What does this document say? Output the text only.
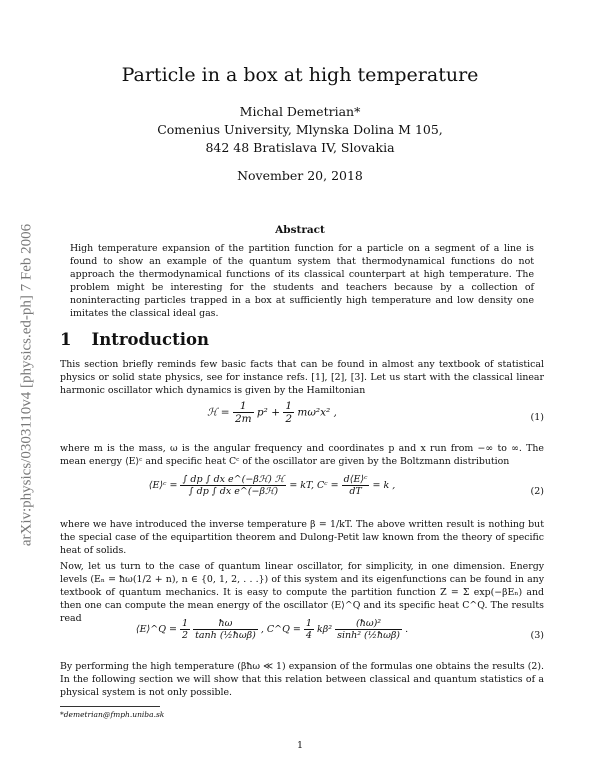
arXiv:physics/0303110v4 [physics.ed-ph] 7 Feb 2006
Particle in a box at high temperature
Michal Demetrian*
Comenius University, Mlynska Dolina M 105,
842 48 Bratislava IV, Slovakia
November 20, 2018
Abstract
High temperature expansion of the partition function for a particle on a segment of a line is found to show an example of the quantum system that thermodynamical functions do not approach the thermodynamical functions of its classical counterpart at high temperature. The problem might be interesting for the students and teachers because by a collection of noninteracting particles trapped in a box at sufficiently high temperature and low density one imitates the classical ideal gas.
1 Introduction
This section briefly reminds few basic facts that can be found in almost any textbook of statistical physics or solid state physics, see for instance refs. [1], [2], [3]. Let us start with the classical linear harmonic oscillator which dynamics is given by the Hamiltonian
ℋ = $\frac{1}{2m} p^2 + \frac{1}{2} m\omega^2x^2$ ,	(1)
where m is the mass, ω is the angular frequency and coordinates p and x run from −∞ to ∞. The mean energy ⟨E⟩ᶜ and specific heat Cᶜ of the oscillator are given by the Boltzmann distribution
⟨E⟩ᶜ = $\frac{\text{∫ dp ∫ dx e\textasciicircum{}(−βℋ) ℋ}}{\text{∫ dp ∫ dx e\textasciicircum{}(−βℋ)}}$ = kT, Cᶜ = $\frac{\text{d⟨E⟩ᶜ}}{dT} = k$ ,
(2)
where we have introduced the inverse temperature β = 1/kT. The above written result is nothing but the special case of the equipartition theorem and Dulong-Petit law known from the theory of specific heat of solids.
Now, let us turn to the case of quantum linear oscillator, for simplicity, in one dimension. Energy levels (Eₙ = ħω(1/2 + n), n ∈ {0, 1, 2, . . .}) of this system and its eigenfunctions can be found in any textbook of quantum mechanics. It is easy to compute the partition function Z = Σ exp(−βEₙ) and then one can compute the mean energy of the oscillator ⟨E⟩^Q and its specific heat C^Q. The results read
⟨E⟩^Q = $\frac{1}{2}$
$\frac{ħ\omega}{\text{tanh (½ħωβ)}}$ , C^Q = $\frac{1}{4} k\beta^2 \frac{\text{(ħω)²}}{\text{sinh² (½ħωβ)}}$ .
(3)
By performing the high temperature (βħω ≪ 1) expansion of the formulas one obtains the results (2). In the following section we will show that this relation between classical and quantum statistics of a physical system is not only possible.
*demetrian@fmph.uniba.sk
1
